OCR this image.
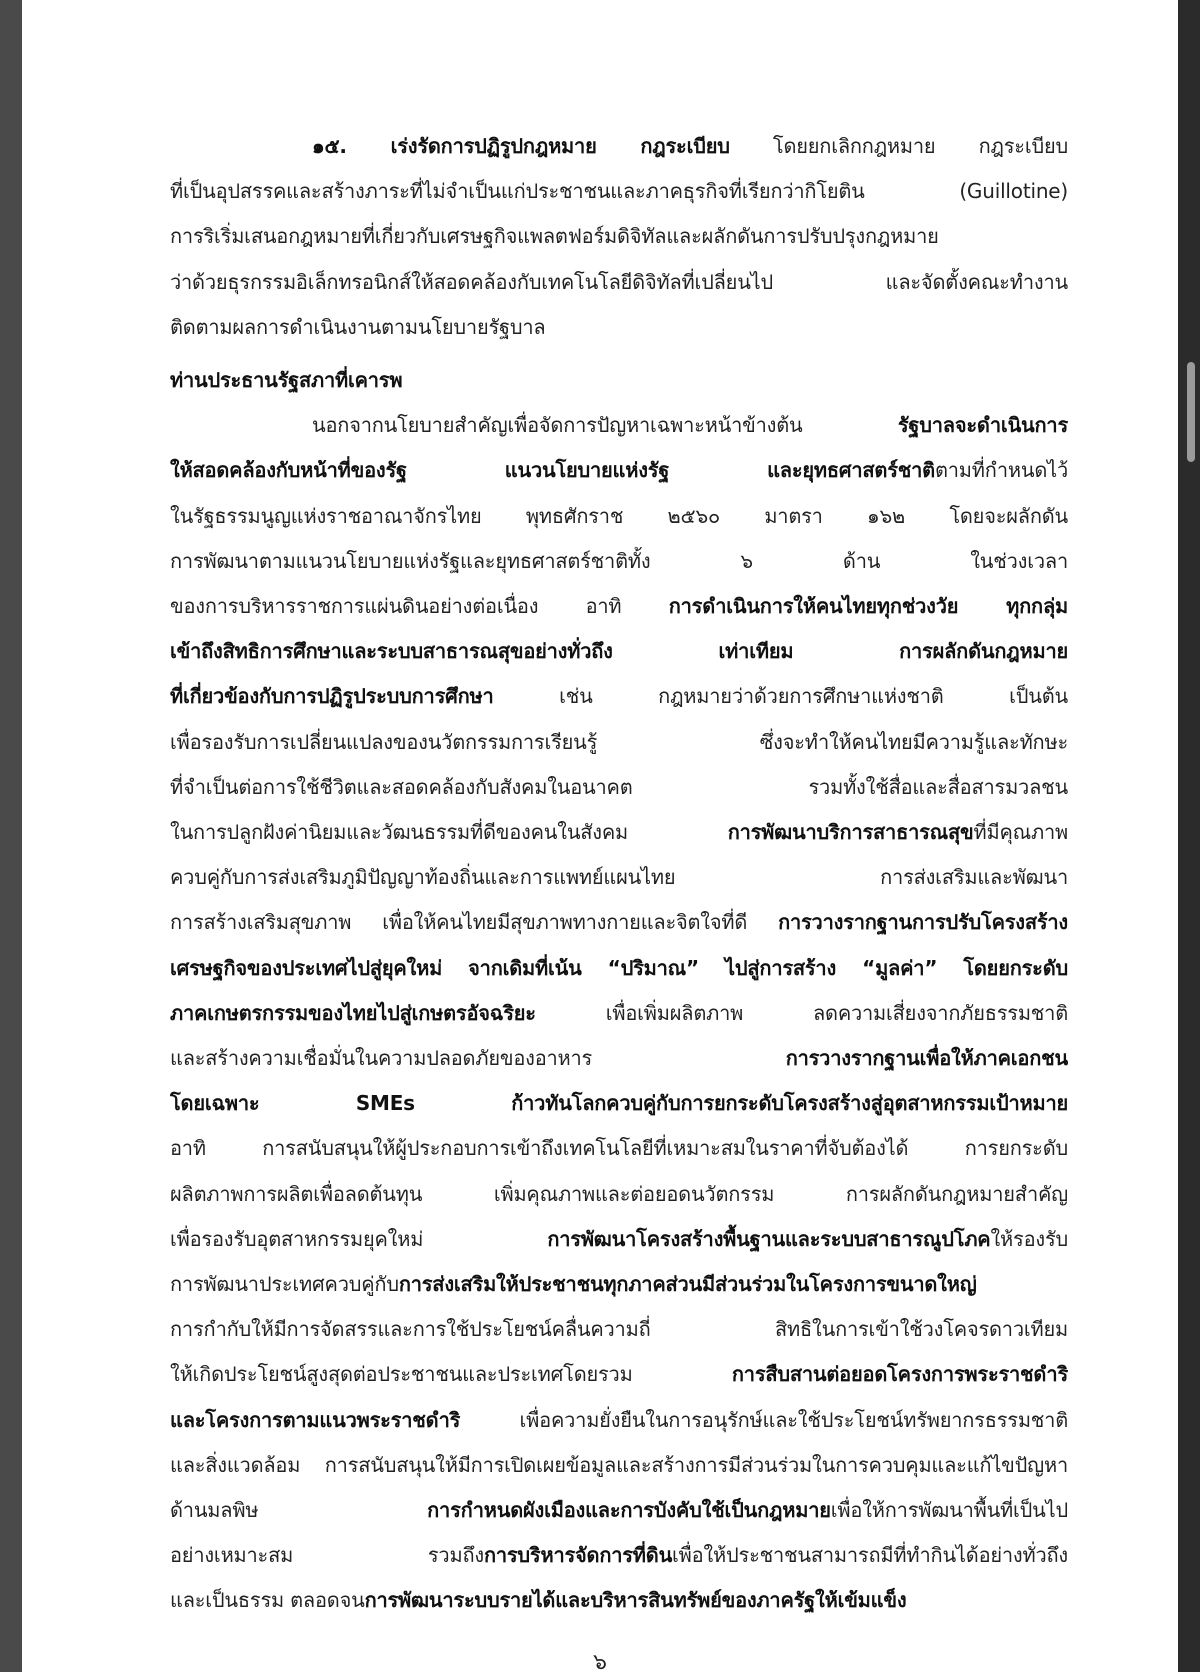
๑๕. เร่งรัดการปฏิรูปกฎหมาย กฎระเบียบ โดยยกเลิกกฎหมาย กฎระเบียบ
ที่เป็นอุปสรรคและสร้างภาระที่ไม่จำเป็นแก่ประชาชนและภาคธุรกิจที่เรียกว่ากิโยติน (Guillotine)
การริเริ่มเสนอกฎหมายที่เกี่ยวกับเศรษฐกิจแพลตฟอร์มดิจิทัลและผลักดันการปรับปรุงกฎหมาย
ว่าด้วยธุรกรรมอิเล็กทรอนิกส์ให้สอดคล้องกับเทคโนโลยีดิจิทัลที่เปลี่ยนไป และจัดตั้งคณะทำงาน
ติดตามผลการดำเนินงานตามนโยบายรัฐบาล
ท่านประธานรัฐสภาที่เคารพ
นอกจากนโยบายสำคัญเพื่อจัดการปัญหาเฉพาะหน้าข้างต้น รัฐบาลจะดำเนินการ
ให้สอดคล้องกับหน้าที่ของรัฐ แนวนโยบายแห่งรัฐ และยุทธศาสตร์ชาติตามที่กำหนดไว้
ในรัฐธรรมนูญแห่งราชอาณาจักรไทย พุทธศักราช ๒๕๖๐ มาตรา ๑๖๒ โดยจะผลักดัน
การพัฒนาตามแนวนโยบายแห่งรัฐและยุทธศาสตร์ชาติทั้ง ๖ ด้าน ในช่วงเวลา
ของการบริหารราชการแผ่นดินอย่างต่อเนื่อง อาทิ การดำเนินการให้คนไทยทุกช่วงวัย ทุกกลุ่ม
เข้าถึงสิทธิการศึกษาและระบบสาธารณสุขอย่างทั่วถึง เท่าเทียม การผลักดันกฎหมาย
ที่เกี่ยวข้องกับการปฏิรูประบบการศึกษา เช่น กฎหมายว่าด้วยการศึกษาแห่งชาติ เป็นต้น
เพื่อรองรับการเปลี่ยนแปลงของนวัตกรรมการเรียนรู้ ซึ่งจะทำให้คนไทยมีความรู้และทักษะ
ที่จำเป็นต่อการใช้ชีวิตและสอดคล้องกับสังคมในอนาคต รวมทั้งใช้สื่อและสื่อสารมวลชน
ในการปลูกฝังค่านิยมและวัฒนธรรมที่ดีของคนในสังคม การพัฒนาบริการสาธารณสุขที่มีคุณภาพ
ควบคู่กับการส่งเสริมภูมิปัญญาท้องถิ่นและการแพทย์แผนไทย การส่งเสริมและพัฒนา
การสร้างเสริมสุขภาพ เพื่อให้คนไทยมีสุขภาพทางกายและจิตใจที่ดี การวางรากฐานการปรับโครงสร้าง
เศรษฐกิจของประเทศไปสู่ยุคใหม่ จากเดิมที่เน้น “ปริมาณ” ไปสู่การสร้าง “มูลค่า” โดยยกระดับ
ภาคเกษตรกรรมของไทยไปสู่เกษตรอัจฉริยะ เพื่อเพิ่มผลิตภาพ ลดความเสี่ยงจากภัยธรรมชาติ
และสร้างความเชื่อมั่นในความปลอดภัยของอาหาร การวางรากฐานเพื่อให้ภาคเอกชน
โดยเฉพาะ SMEs ก้าวทันโลกควบคู่กับการยกระดับโครงสร้างสู่อุตสาหกรรมเป้าหมาย
อาทิ การสนับสนุนให้ผู้ประกอบการเข้าถึงเทคโนโลยีที่เหมาะสมในราคาที่จับต้องได้ การยกระดับ
ผลิตภาพการผลิตเพื่อลดต้นทุน เพิ่มคุณภาพและต่อยอดนวัตกรรม การผลักดันกฎหมายสำคัญ
เพื่อรองรับอุตสาหกรรมยุคใหม่ การพัฒนาโครงสร้างพื้นฐานและระบบสาธารณูปโภคให้รองรับ
การพัฒนาประเทศควบคู่กับการส่งเสริมให้ประชาชนทุกภาคส่วนมีส่วนร่วมในโครงการขนาดใหญ่
การกำกับให้มีการจัดสรรและการใช้ประโยชน์คลื่นความถี่ สิทธิในการเข้าใช้วงโคจรดาวเทียม
ให้เกิดประโยชน์สูงสุดต่อประชาชนและประเทศโดยรวม การสืบสานต่อยอดโครงการพระราชดำริ
และโครงการตามแนวพระราชดำริ เพื่อความยั่งยืนในการอนุรักษ์และใช้ประโยชน์ทรัพยากรธรรมชาติ
และสิ่งแวดล้อม การสนับสนุนให้มีการเปิดเผยข้อมูลและสร้างการมีส่วนร่วมในการควบคุมและแก้ไขปัญหา
ด้านมลพิษ การกำหนดผังเมืองและการบังคับใช้เป็นกฎหมายเพื่อให้การพัฒนาพื้นที่เป็นไป
อย่างเหมาะสม รวมถึงการบริหารจัดการที่ดินเพื่อให้ประชาชนสามารถมีที่ทำกินได้อย่างทั่วถึง
และเป็นธรรม ตลอดจนการพัฒนาระบบรายได้และบริหารสินทรัพย์ของภาครัฐให้เข้มแข็ง
๖
